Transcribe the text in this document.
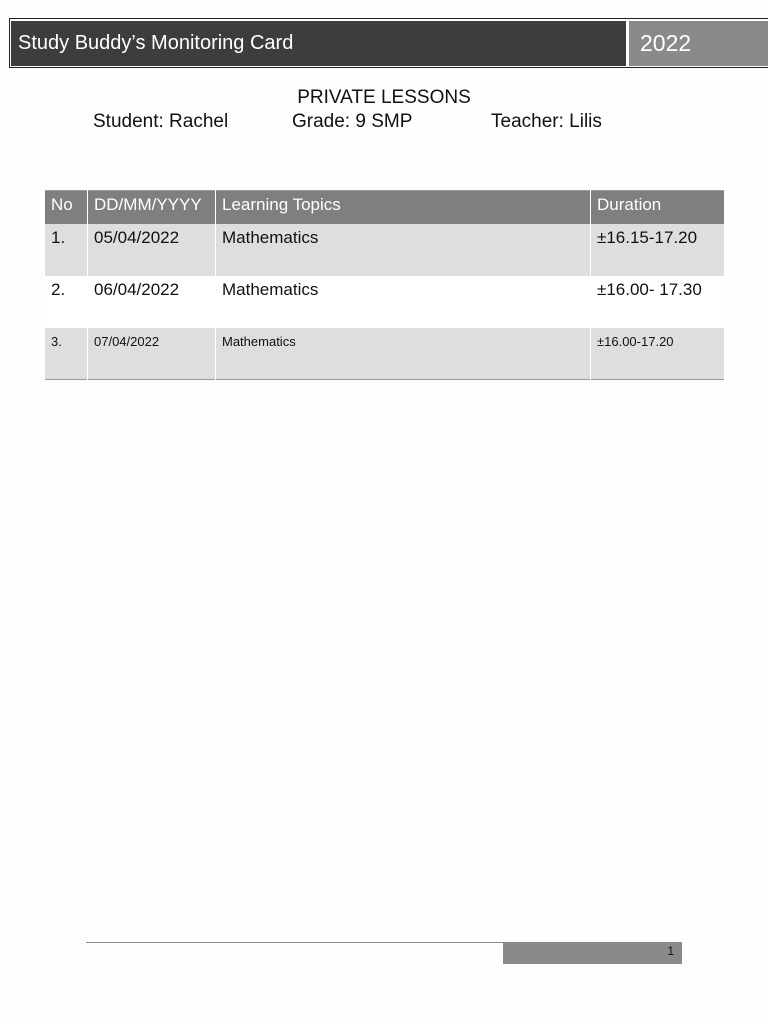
Study Buddy’s Monitoring Card	2022
PRIVATE LESSONS
Student: Rachel	Grade: 9 SMP	Teacher: Lilis
No	DD/MM/YYYY	Learning Topics	Duration
1.	05/04/2022	Mathematics	±16.15-17.20
2.	06/04/2022	Mathematics	±16.00- 17.30
3.	07/04/2022	Mathematics	±16.00-17.20
1
